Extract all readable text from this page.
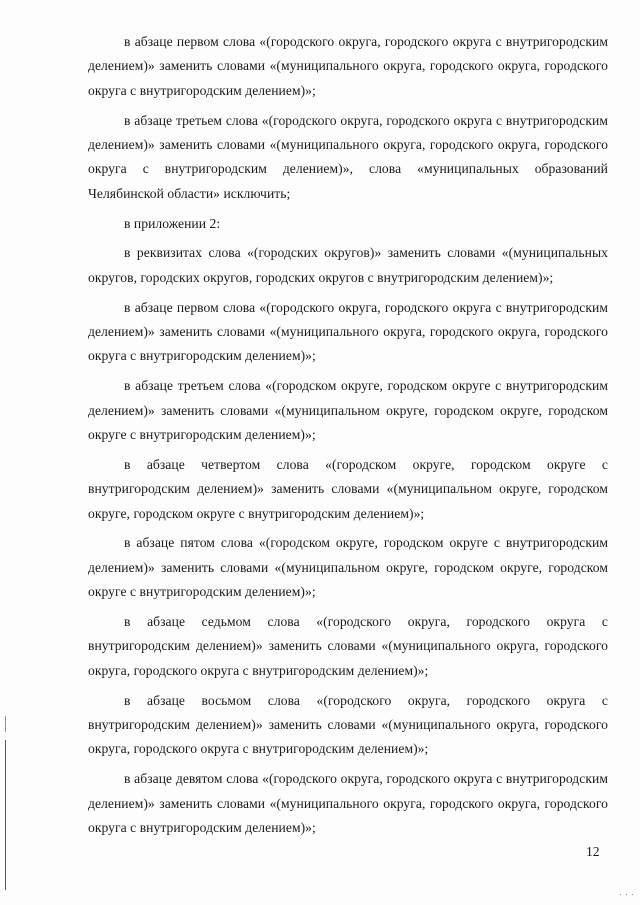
в абзаце первом слова «(городского округа, городского округа с внутригородским делением)» заменить словами «(муниципального округа, городского округа, городского округа с внутригородским делением)»;

в абзаце третьем слова «(городского округа, городского округа с внутригородским делением)» заменить словами «(муниципального округа, городского округа, городского округа с внутригородским делением)», слова «муниципальных образований Челябинской области» исключить;

в приложении 2:

в реквизитах слова «(городских округов)» заменить словами «(муниципальных округов, городских округов, городских округов с внутригородским делением)»;

в абзаце первом слова «(городского округа, городского округа с внутригородским делением)» заменить словами «(муниципального округа, городского округа, городского округа с внутригородским делением)»;

в абзаце третьем слова «(городском округе, городском округе с внутригородским делением)» заменить словами «(муниципальном округе, городском округе, городском округе с внутригородским делением)»;

в абзаце четвертом слова «(городском округе, городском округе с внутригородским делением)» заменить словами «(муниципальном округе, городском округе, городском округе с внутригородским делением)»;

в абзаце пятом слова «(городском округе, городском округе с внутригородским делением)» заменить словами «(муниципальном округе, городском округе, городском округе с внутригородским делением)»;

в абзаце седьмом слова «(городского округа, городского округа с внутригородским делением)» заменить словами «(муниципального округа, городского округа, городского округа с внутригородским делением)»;

в абзаце восьмом слова «(городского округа, городского округа с внутригородским делением)» заменить словами «(муниципального округа, городского округа, городского округа с внутригородским делением)»;

в абзаце девятом слова «(городского округа, городского округа с внутригородским делением)» заменить словами «(муниципального округа, городского округа, городского округа с внутригородским делением)»;

12
